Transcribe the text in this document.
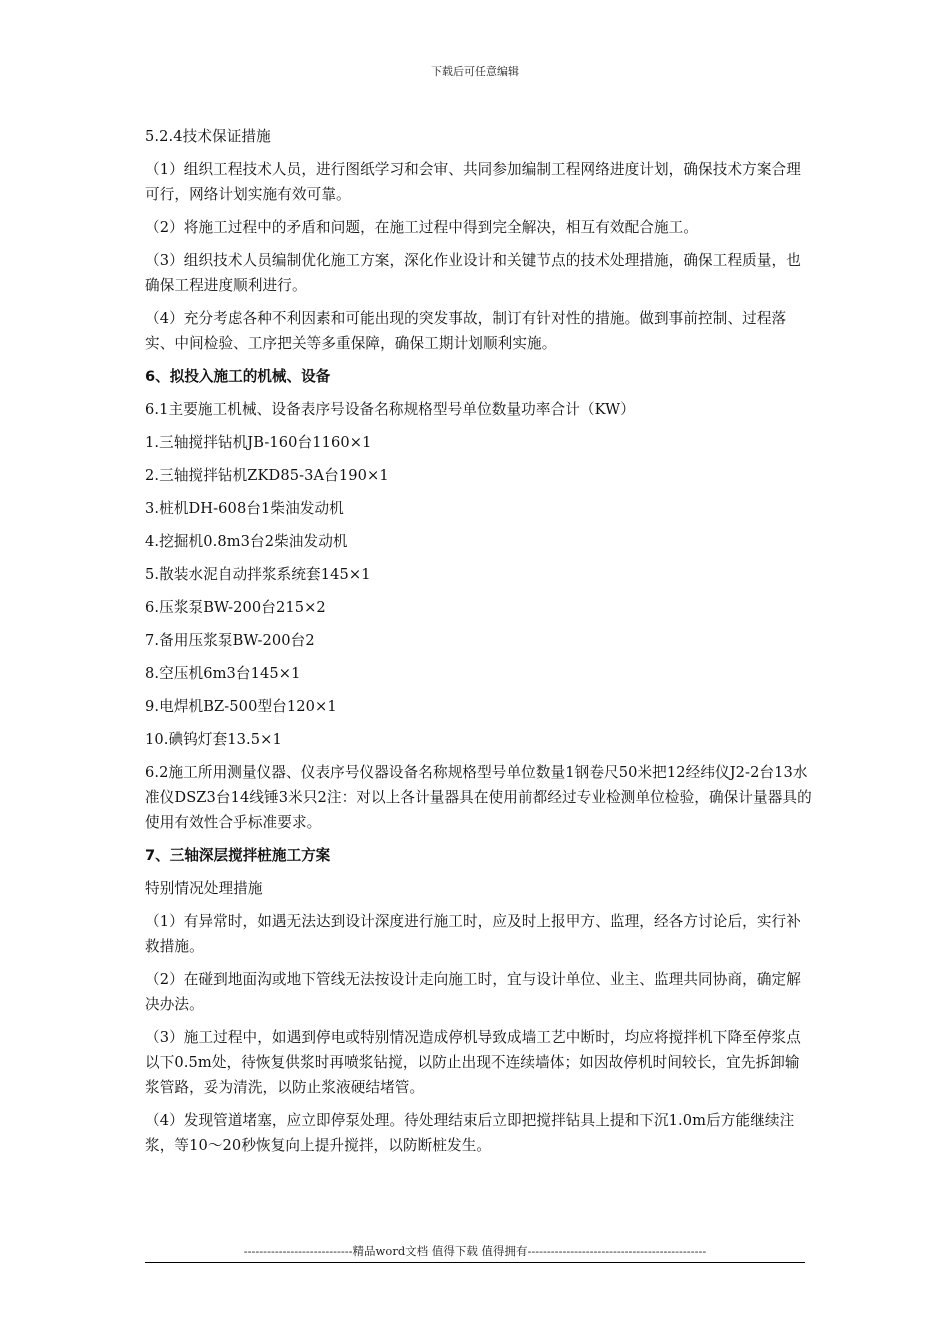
下载后可任意编辑
5.2.4技术保证措施
（1）组织工程技术人员，进行图纸学习和会审、共同参加编制工程网络进度计划，确保技术方案合理可行，网络计划实施有效可靠。
（2）将施工过程中的矛盾和问题，在施工过程中得到完全解决，相互有效配合施工。
（3）组织技术人员编制优化施工方案，深化作业设计和关键节点的技术处理措施，确保工程质量，也确保工程进度顺利进行。
（4）充分考虑各种不利因素和可能出现的突发事故，制订有针对性的措施。做到事前控制、过程落实、中间检验、工序把关等多重保障，确保工期计划顺利实施。
6、拟投入施工的机械、设备
6.1主要施工机械、设备表序号设备名称规格型号单位数量功率合计（KW）
1.三轴搅拌钻机JB-160台1160×1
2.三轴搅拌钻机ZKD85-3A台190×1
3.桩机DH-608台1柴油发动机
4.挖掘机0.8m3台2柴油发动机
5.散装水泥自动拌浆系统套145×1
6.压浆泵BW-200台215×2
7.备用压浆泵BW-200台2
8.空压机6m3台145×1
9.电焊机BZ-500型台120×1
10.碘钨灯套13.5×1
6.2施工所用测量仪器、仪表序号仪器设备名称规格型号单位数量1钢卷尺50米把12经纬仪J2-2台13水准仪DSZ3台14线锤3米只2注：对以上各计量器具在使用前都经过专业检测单位检验，确保计量器具的使用有效性合乎标准要求。
7、三轴深层搅拌桩施工方案
特别情况处理措施
（1）有异常时，如遇无法达到设计深度进行施工时，应及时上报甲方、监理，经各方讨论后，实行补救措施。
（2）在碰到地面沟或地下管线无法按设计走向施工时，宜与设计单位、业主、监理共同协商，确定解决办法。
（3）施工过程中，如遇到停电或特别情况造成停机导致成墙工艺中断时，均应将搅拌机下降至停浆点以下0.5m处，待恢复供浆时再喷浆钻搅，以防止出现不连续墙体；如因故停机时间较长，宜先拆卸输浆管路，妥为清洗，以防止浆液硬结堵管。
（4）发现管道堵塞，应立即停泵处理。待处理结束后立即把搅拌钻具上提和下沉1.0m后方能继续注浆，等10～20秒恢复向上提升搅拌，以防断桩发生。
----------------------------精品word文档 值得下载 值得拥有----------------------------------------------
